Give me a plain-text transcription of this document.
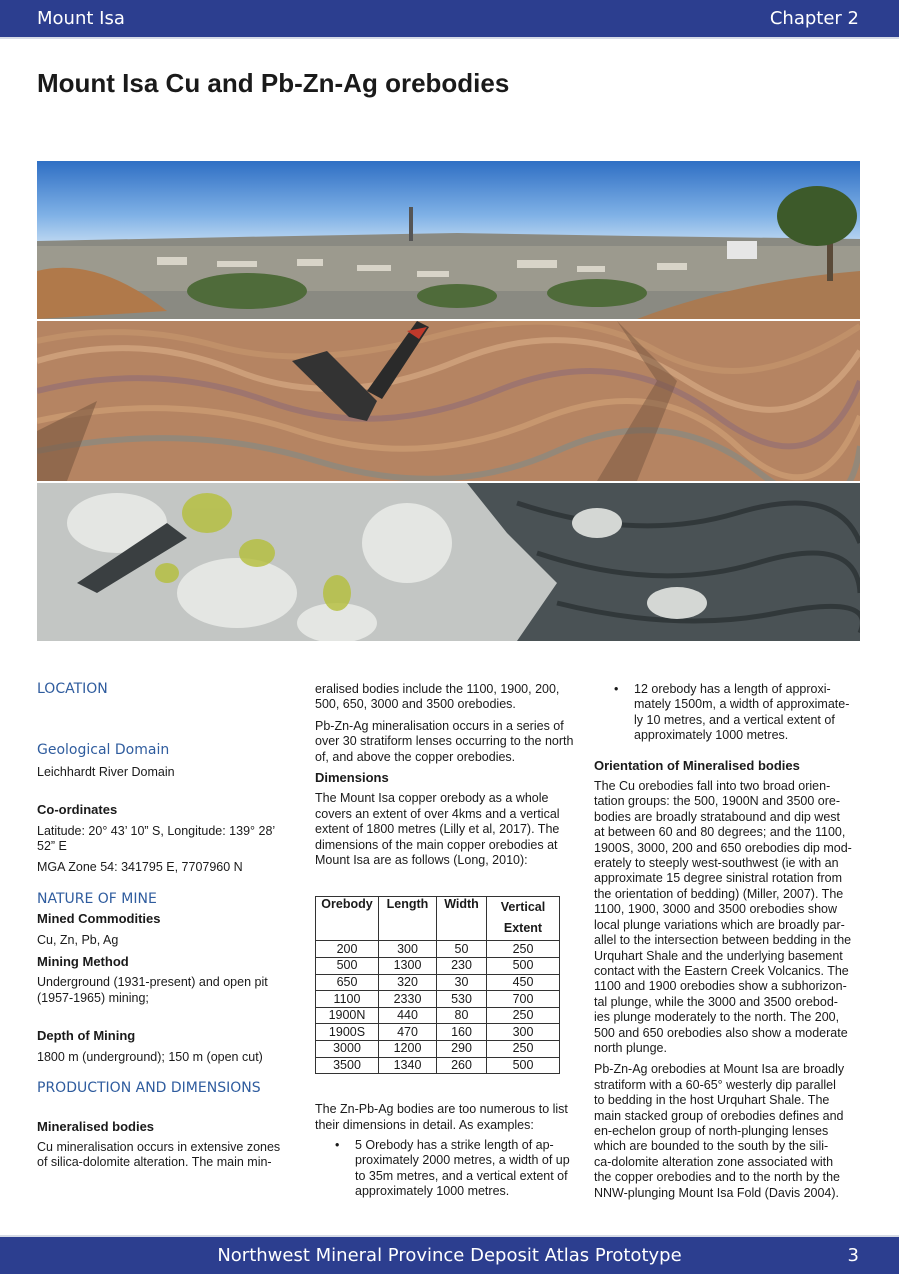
Mount Isa	Chapter 2
Mount Isa Cu and Pb-Zn-Ag orebodies
LOCATION
Geological Domain
Leichhardt River Domain
Co-ordinates
Latitude: 20° 43’ 10” S, Longitude: 139° 28’
52” E
MGA Zone 54: 341795 E, 7707960 N
NATURE OF MINE
Mined Commodities
Cu, Zn, Pb, Ag
Mining Method
Underground (1931-present) and open pit
(1957-1965) mining;
Depth of Mining
1800 m (underground); 150 m (open cut)
PRODUCTION AND DIMENSIONS
Mineralised bodies
Cu mineralisation occurs in extensive zones
of silica-dolomite alteration. The main min-
eralised bodies include the 1100, 1900, 200,
500, 650, 3000 and 3500 orebodies.
Pb-Zn-Ag mineralisation occurs in a series of
over 30 stratiform lenses occurring to the north
of, and above the copper orebodies.
Dimensions
The Mount Isa copper orebody as a whole
covers an extent of over 4kms and a vertical
extent of 1800 metres (Lilly et al, 2017). The
dimensions of the main copper orebodies at
Mount Isa are as follows (Long, 2010):
Orebody	Length	Width	Vertical
Extent

200	300	50	250
500	1300	230	500
650	320	30	450
1100	2330	530	700
1900N	440	80	250
1900S	470	160	300
3000	1200	290	250
3500	1340	260	500
The Zn-Pb-Ag bodies are too numerous to list
their dimensions in detail. As examples:
• 5 Orebody has a strike length of ap-
proximately 2000 metres, a width of up
to 35m metres, and a vertical extent of
approximately 1000 metres.
• 12 orebody has a length of approxi-
mately 1500m, a width of approximate-
ly 10 metres, and a vertical extent of
approximately 1000 metres.
Orientation of Mineralised bodies
The Cu orebodies fall into two broad orien-
tation groups: the 500, 1900N and 3500 ore-
bodies are broadly stratabound and dip west
at between 60 and 80 degrees; and the 1100,
1900S, 3000, 200 and 650 orebodies dip mod-
erately to steeply west-southwest (ie with an
approximate 15 degree sinistral rotation from
the orientation of bedding) (Miller, 2007). The
1100, 1900, 3000 and 3500 orebodies show
local plunge variations which are broadly par-
allel to the intersection between bedding in the
Urquhart Shale and the underlying basement
contact with the Eastern Creek Volcanics. The
1100 and 1900 orebodies show a subhorizon-
tal plunge, while the 3000 and 3500 orebod-
ies plunge moderately to the north. The 200,
500 and 650 orebodies also show a moderate
north plunge.
Pb-Zn-Ag orebodies at Mount Isa are broadly
stratiform with a 60-65° westerly dip parallel
to bedding in the host Urquhart Shale. The
main stacked group of orebodies defines and
en-echelon group of north-plunging lenses
which are bounded to the south by the sili-
ca-dolomite alteration zone associated with
the copper orebodies and to the north by the
NNW-plunging Mount Isa Fold (Davis 2004).
Northwest Mineral Province Deposit Atlas Prototype	3
